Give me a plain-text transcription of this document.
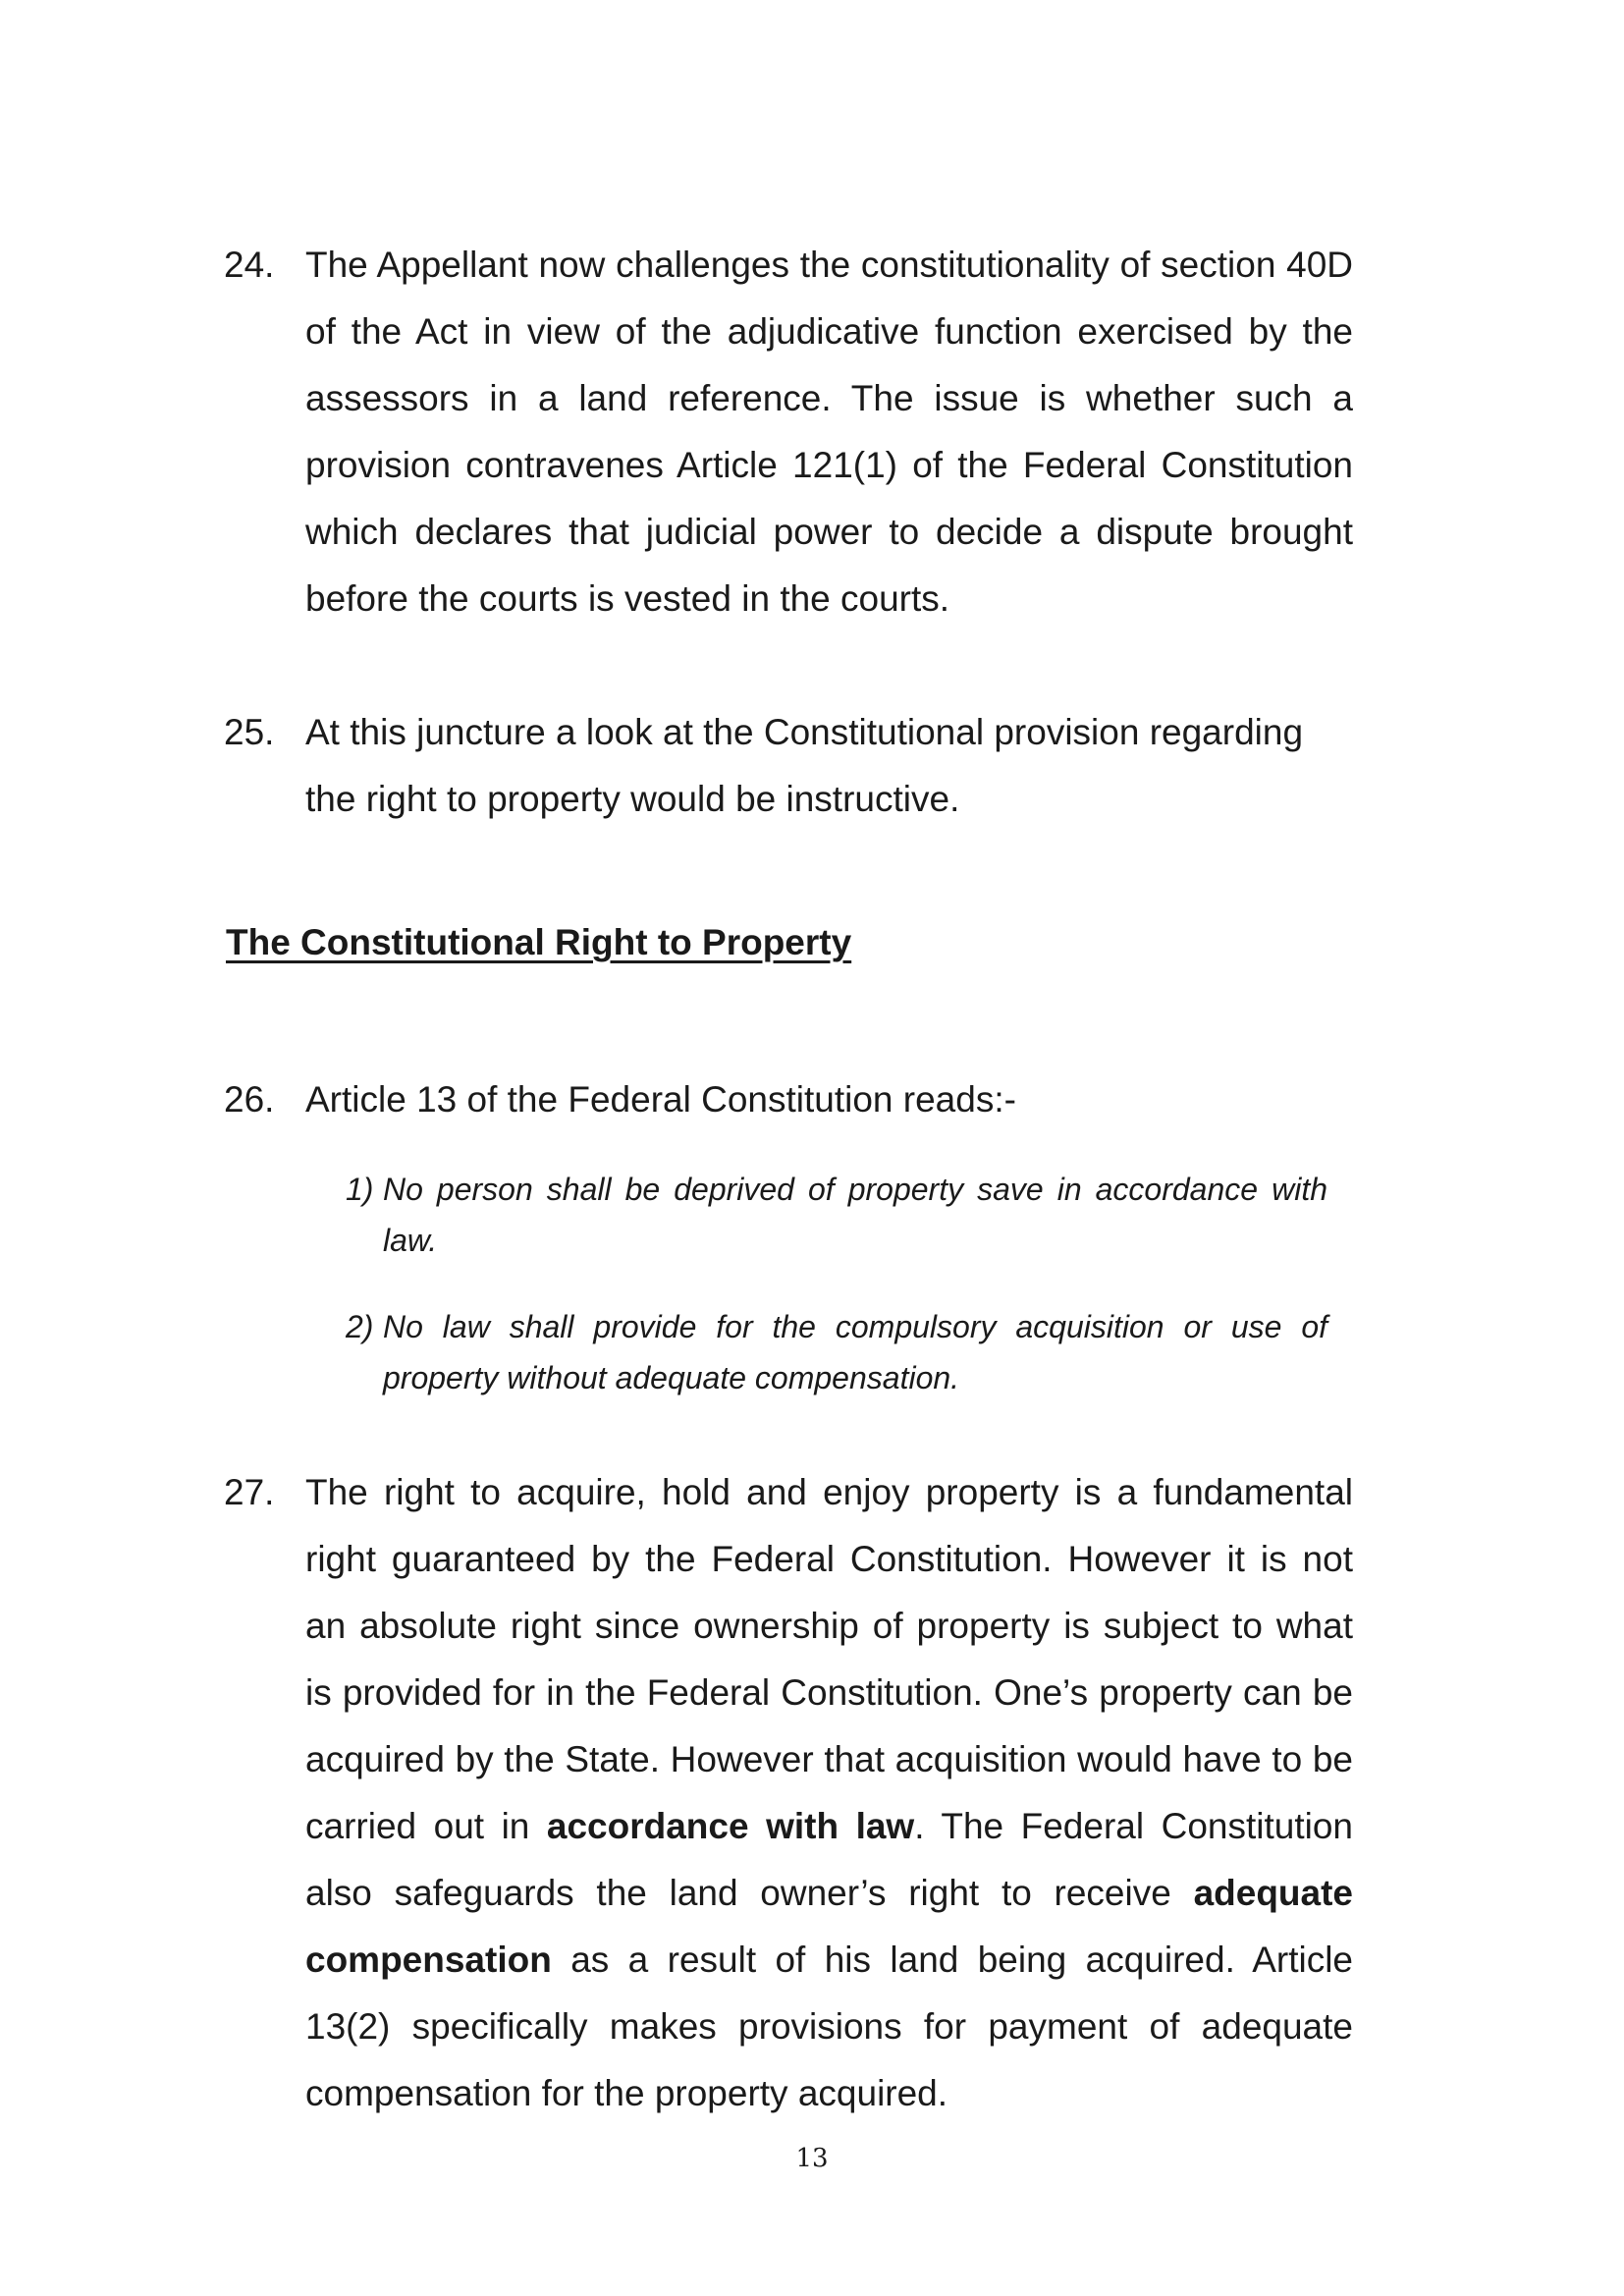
24. The Appellant now challenges the constitutionality of section 40D of the Act in view of the adjudicative function exercised by the assessors in a land reference. The issue is whether such a provision contravenes Article 121(1) of the Federal Constitution which declares that judicial power to decide a dispute brought before the courts is vested in the courts.
25. At this juncture a look at the Constitutional provision regarding the right to property would be instructive.
The Constitutional Right to Property
26. Article 13 of the Federal Constitution reads:-
1) No person shall be deprived of property save in accordance with law.
2) No law shall provide for the compulsory acquisition or use of property without adequate compensation.
27. The right to acquire, hold and enjoy property is a fundamental right guaranteed by the Federal Constitution. However it is not an absolute right since ownership of property is subject to what is provided for in the Federal Constitution. One’s property can be acquired by the State. However that acquisition would have to be carried out in accordance with law. The Federal Constitution also safeguards the land owner’s right to receive adequate compensation as a result of his land being acquired. Article 13(2) specifically makes provisions for payment of adequate compensation for the property acquired.
13
